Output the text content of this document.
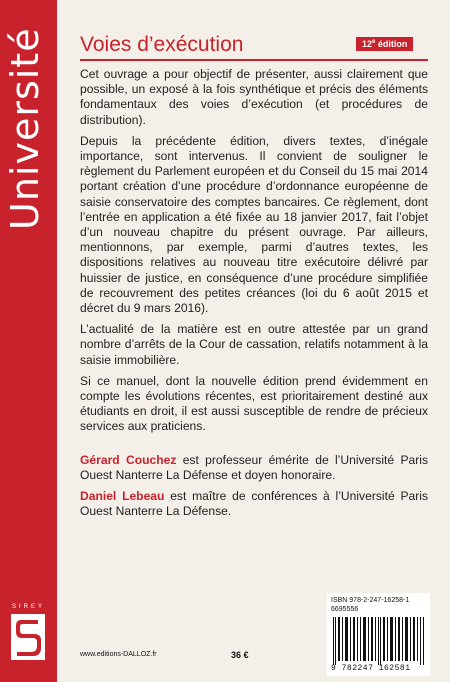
Université
SIREY
Voies d’exécution	12e édition

Cet ouvrage a pour objectif de présenter, aussi clairement que possible, un exposé à la fois synthétique et précis des éléments fondamentaux des voies d’exécution (et procédures de distribution).

Depuis la précédente édition, divers textes, d’inégale importance, sont intervenus. Il convient de souligner le règlement du Parlement européen et du Conseil du 15 mai 2014 portant création d’une procédure d’ordonnance européenne de saisie conservatoire des comptes bancaires. Ce règlement, dont l’entrée en application a été fixée au 18 janvier 2017, fait l’objet d’un nouveau chapitre du présent ouvrage. Par ailleurs, mentionnons, par exemple, parmi d’autres textes, les dispositions relatives au nouveau titre exécutoire délivré par huissier de justice, en conséquence d’une procédure simplifiée de recouvrement des petites créances (loi du 6 août 2015 et décret du 9 mars 2016).

L’actualité de la matière est en outre attestée par un grand nombre d’arrêts de la Cour de cassation, relatifs notamment à la saisie immobilière.

Si ce manuel, dont la nouvelle édition prend évidemment en compte les évolutions récentes, est prioritairement destiné aux étudiants en droit, il est aussi susceptible de rendre de précieux services aux praticiens.

Gérard Couchez est professeur émérite de l’Université Paris Ouest Nanterre La Défense et doyen honoraire.

Daniel Lebeau est maître de conférences à l’Université Paris Ouest Nanterre La Défense.

www.editions-DALLOZ.fr	36 €
ISBN 978-2-247-16258-1
6695556
9 782247 162581
